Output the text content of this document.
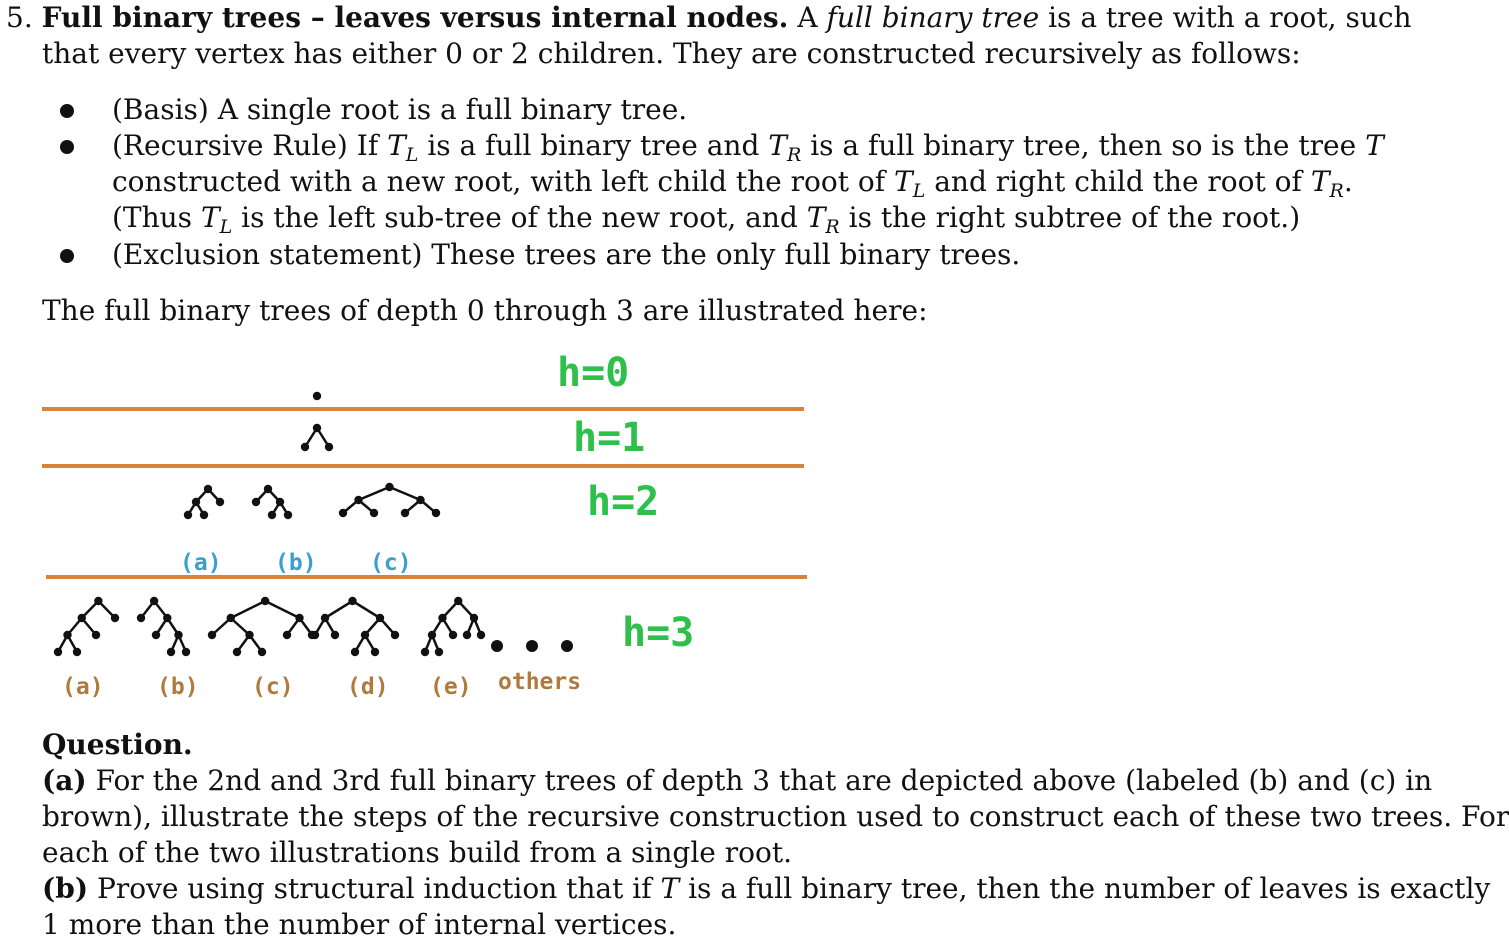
5. Full binary trees – leaves versus internal nodes. A full binary tree is a tree with a root, such
that every vertex has either 0 or 2 children. They are constructed recursively as follows:
(Basis) A single root is a full binary tree.
(Recursive Rule) If $T_L$ is a full binary tree and $T_R$ is a full binary tree, then so is the tree T
constructed with a new root, with left child the root of $T_L$ and right child the root of $T_R$.
(Thus $T_L$ is the left sub-tree of the new root, and $T_R$ is the right subtree of the root.)
(Exclusion statement) These trees are the only full binary trees.
The full binary trees of depth 0 through 3 are illustrated here:
h=0
h=1
h=2
h=3
(a) (b) (c)
(a) (b) (c) (d) (e) others
Question.
(a) For the 2nd and 3rd full binary trees of depth 3 that are depicted above (labeled (b) and (c) in
brown), illustrate the steps of the recursive construction used to construct each of these two trees. For
each of the two illustrations build from a single root.
(b) Prove using structural induction that if T is a full binary tree, then the number of leaves is exactly
1 more than the number of internal vertices.
